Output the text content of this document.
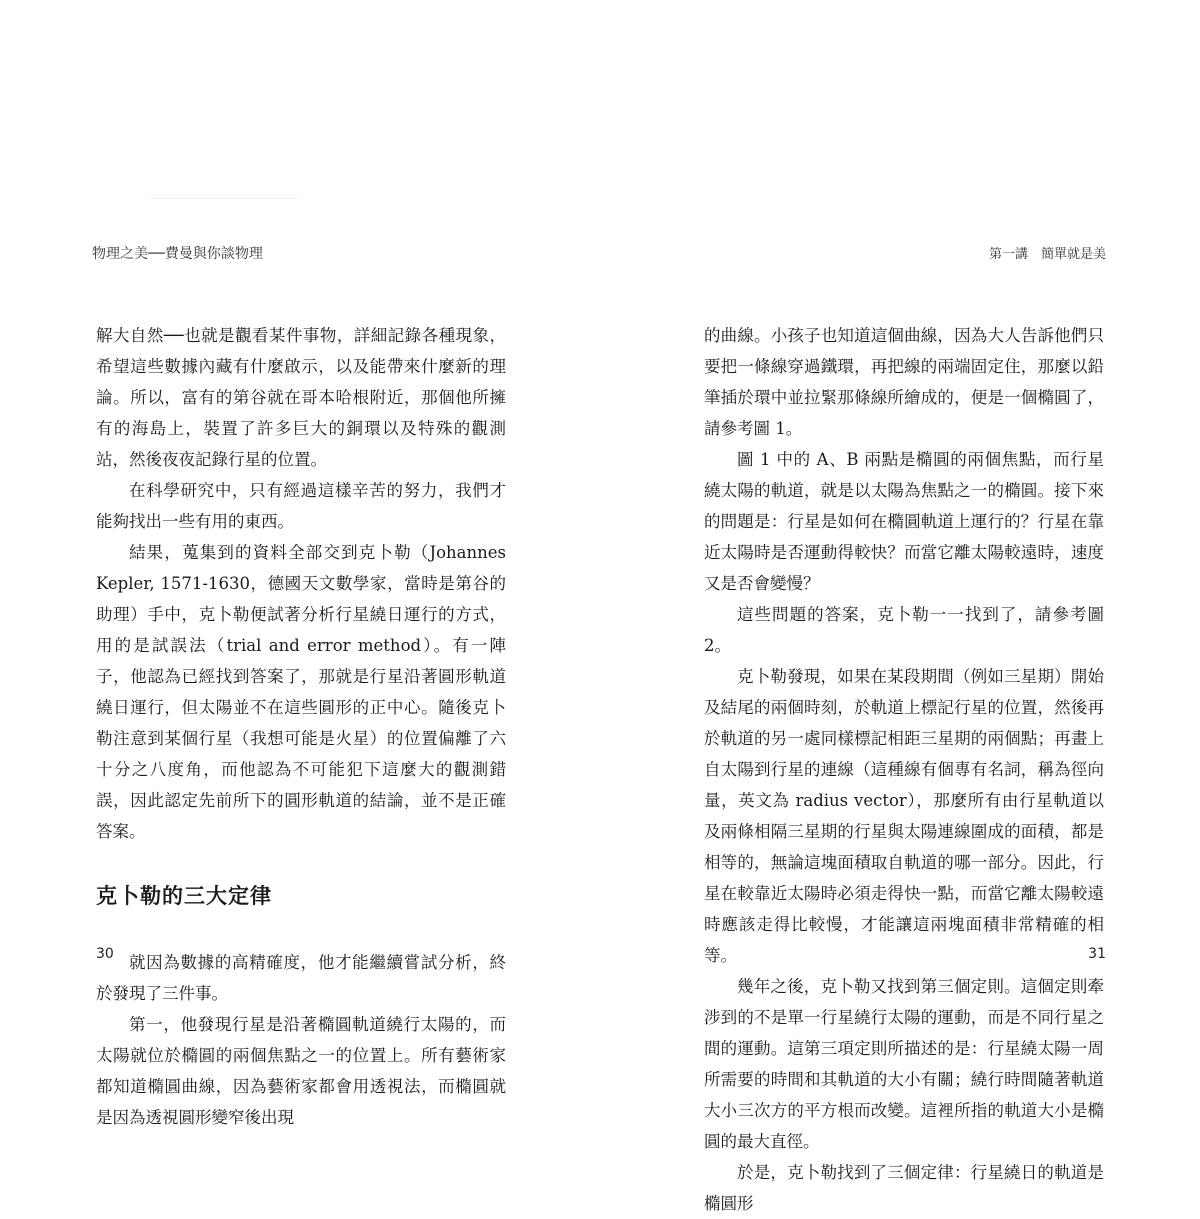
物理之美──費曼與你談物理

解大自然──也就是觀看某件事物，詳細記錄各種現象，希望這些數據內藏有什麼啟示，以及能帶來什麼新的理論。所以，富有的第谷就在哥本哈根附近，那個他所擁有的海島上，裝置了許多巨大的銅環以及特殊的觀測站，然後夜夜記錄行星的位置。

在科學研究中，只有經過這樣辛苦的努力，我們才能夠找出一些有用的東西。

結果，蒐集到的資料全部交到克卜勒（Johannes Kepler, 1571-1630，德國天文數學家，當時是第谷的助理）手中，克卜勒便試著分析行星繞日運行的方式，用的是試誤法（trial and error method）。有一陣子，他認為已經找到答案了，那就是行星沿著圓形軌道繞日運行，但太陽並不在這些圓形的正中心。隨後克卜勒注意到某個行星（我想可能是火星）的位置偏離了六十分之八度角，而他認為不可能犯下這麼大的觀測錯誤，因此認定先前所下的圓形軌道的結論，並不是正確答案。

克卜勒的三大定律

就因為數據的高精確度，他才能繼續嘗試分析，終於發現了三件事。

第一，他發現行星是沿著橢圓軌道繞行太陽的，而太陽就位於橢圓的兩個焦點之一的位置上。所有藝術家都知道橢圓曲線，因為藝術家都會用透視法，而橢圓就是因為透視圓形變窄後出現

30
第一講　簡單就是美

的曲線。小孩子也知道這個曲線，因為大人告訴他們只要把一條線穿過鐵環，再把線的兩端固定住，那麼以鉛筆插於環中並拉緊那條線所繪成的，便是一個橢圓了，請參考圖 1。

圖 1 中的 A、B 兩點是橢圓的兩個焦點，而行星繞太陽的軌道，就是以太陽為焦點之一的橢圓。接下來的問題是：行星是如何在橢圓軌道上運行的？行星在靠近太陽時是否運動得較快？而當它離太陽較遠時，速度又是否會變慢？

這些問題的答案，克卜勒一一找到了，請參考圖 2。

克卜勒發現，如果在某段期間（例如三星期）開始及結尾的兩個時刻，於軌道上標記行星的位置，然後再於軌道的另一處同樣標記相距三星期的兩個點；再畫上自太陽到行星的連線（這種線有個專有名詞，稱為徑向量，英文為 radius vector），那麼所有由行星軌道以及兩條相隔三星期的行星與太陽連線圍成的面積，都是相等的，無論這塊面積取自軌道的哪一部分。因此，行星在較靠近太陽時必須走得快一點，而當它離太陽較遠時應該走得比較慢，才能讓這兩塊面積非常精確的相等。

幾年之後，克卜勒又找到第三個定則。這個定則牽涉到的不是單一行星繞行太陽的運動，而是不同行星之間的運動。這第三項定則所描述的是：行星繞太陽一周所需要的時間和其軌道的大小有關；繞行時間隨著軌道大小三次方的平方根而改變。這裡所指的軌道大小是橢圓的最大直徑。

於是，克卜勒找到了三個定律：行星繞日的軌道是橢圓形

31
